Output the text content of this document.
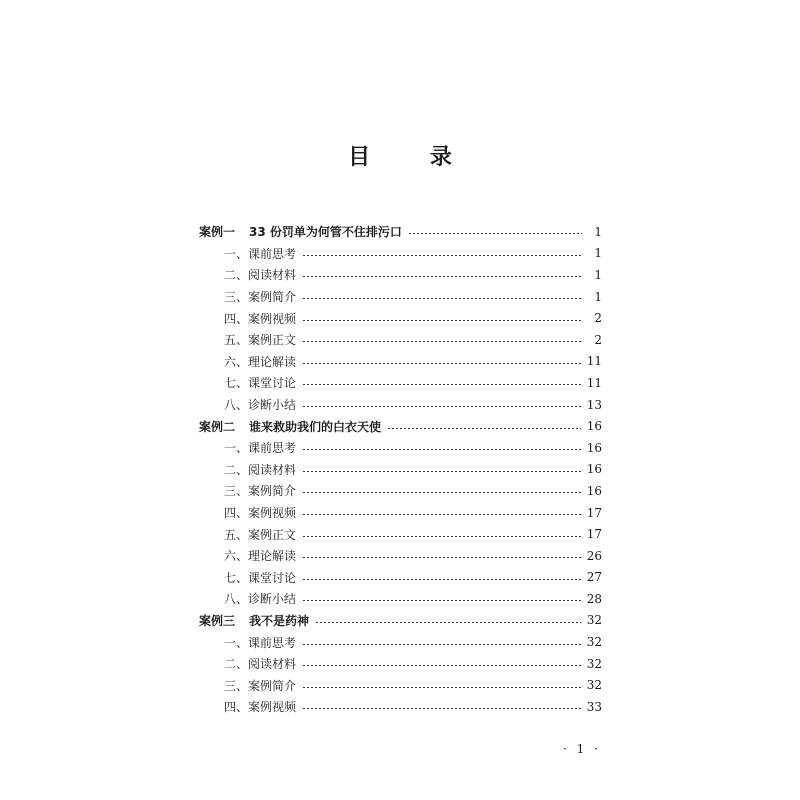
目 录
案例一 33 份罚单为何管不住排污口	1
一、课前思考	1
二、阅读材料	1
三、案例简介	1
四、案例视频	2
五、案例正文	2
六、理论解读	11
七、课堂讨论	11
八、诊断小结	13
案例二 谁来救助我们的白衣天使	16
一、课前思考	16
二、阅读材料	16
三、案例简介	16
四、案例视频	17
五、案例正文	17
六、理论解读	26
七、课堂讨论	27
八、诊断小结	28
案例三 我不是药神	32
一、课前思考	32
二、阅读材料	32
三、案例简介	32
四、案例视频	33
· 1 ·
